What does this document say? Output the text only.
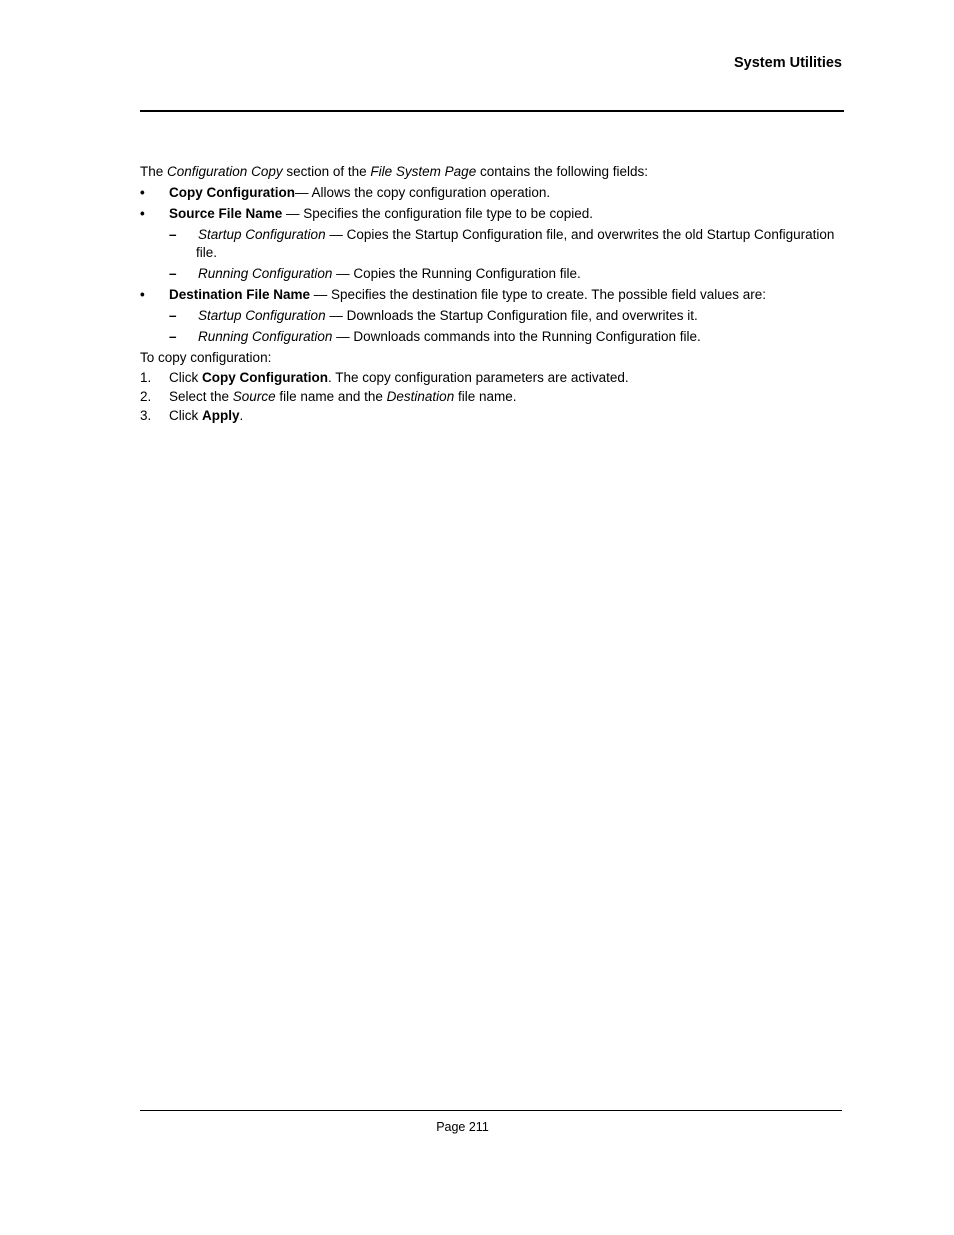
System Utilities

The Configuration Copy section of the File System Page contains the following fields:

• Copy Configuration— Allows the copy configuration operation.
• Source File Name — Specifies the configuration file type to be copied.
– Startup Configuration — Copies the Startup Configuration file, and overwrites the old Startup Configuration file.
– Running Configuration — Copies the Running Configuration file.
• Destination File Name — Specifies the destination file type to create. The possible field values are:
– Startup Configuration — Downloads the Startup Configuration file, and overwrites it.
– Running Configuration — Downloads commands into the Running Configuration file.

To copy configuration:

1. Click Copy Configuration. The copy configuration parameters are activated.
2. Select the Source file name and the Destination file name.
3. Click Apply.
Page 211
